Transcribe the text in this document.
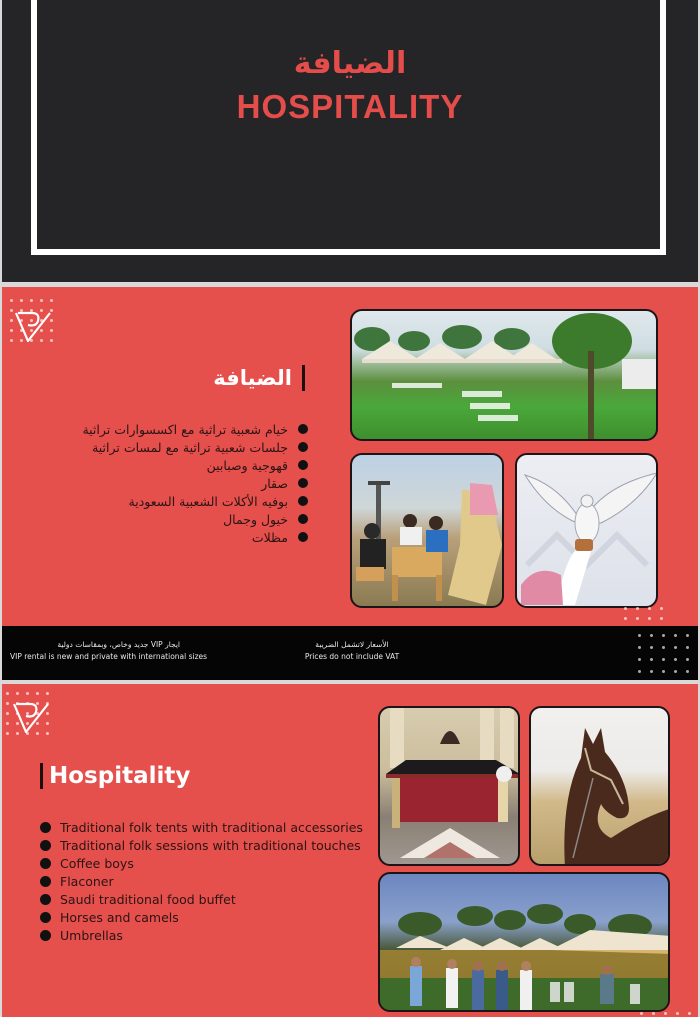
الضيافة
HOSPITALITY
الضيافة
خيام شعبية تراثية مع اكسسوارات تراثية
جلسات شعبية تراثية مع لمسات تراثية
قهوجية وصبابين
صقار
بوفيه الأكلات الشعبية السعودية
خيول وجمال
مظلات
ايجار VIP جديد وخاص، وبمقاسات دولية
VIP rental is new and private with international sizes
الأسعار لاتشمل الضريبة
Prices do not include VAT
Hospitality
Traditional folk tents with traditional accessories
Traditional folk sessions with traditional touches
Coffee boys
Flaconer
Saudi traditional food buffet
Horses and camels
Umbrellas
